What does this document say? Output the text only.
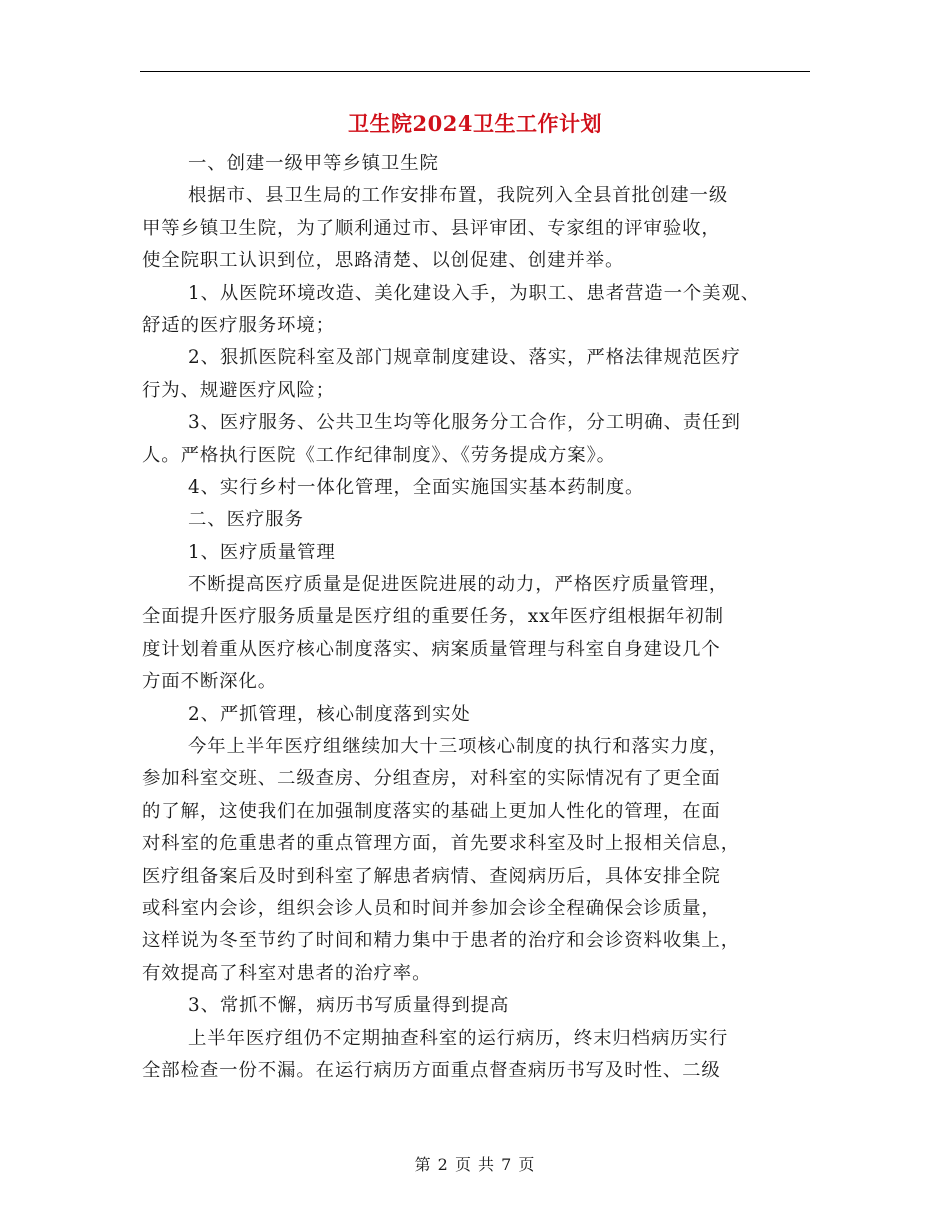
卫生院2024卫生工作计划
一、创建一级甲等乡镇卫生院
根据市、县卫生局的工作安排布置，我院列入全县首批创建一级
甲等乡镇卫生院，为了顺利通过市、县评审团、专家组的评审验收，
使全院职工认识到位，思路清楚、以创促建、创建并举。
1、从医院环境改造、美化建设入手，为职工、患者营造一个美观、
舒适的医疗服务环境；
2、狠抓医院科室及部门规章制度建设、落实，严格法律规范医疗
行为、规避医疗风险；
3、医疗服务、公共卫生均等化服务分工合作，分工明确、责任到
人。严格执行医院《工作纪律制度》、《劳务提成方案》。
4、实行乡村一体化管理，全面实施国实基本药制度。
二、医疗服务
1、医疗质量管理
不断提高医疗质量是促进医院进展的动力，严格医疗质量管理，
全面提升医疗服务质量是医疗组的重要任务，xx年医疗组根据年初制
度计划着重从医疗核心制度落实、病案质量管理与科室自身建设几个
方面不断深化。
2、严抓管理，核心制度落到实处
今年上半年医疗组继续加大十三项核心制度的执行和落实力度，
参加科室交班、二级查房、分组查房，对科室的实际情况有了更全面
的了解，这使我们在加强制度落实的基础上更加人性化的管理，在面
对科室的危重患者的重点管理方面，首先要求科室及时上报相关信息，
医疗组备案后及时到科室了解患者病情、查阅病历后，具体安排全院
或科室内会诊，组织会诊人员和时间并参加会诊全程确保会诊质量，
这样说为冬至节约了时间和精力集中于患者的治疗和会诊资料收集上，
有效提高了科室对患者的治疗率。
3、常抓不懈，病历书写质量得到提高
上半年医疗组仍不定期抽查科室的运行病历，终末归档病历实行
全部检查一份不漏。在运行病历方面重点督查病历书写及时性、二级
第 2 页 共 7 页
